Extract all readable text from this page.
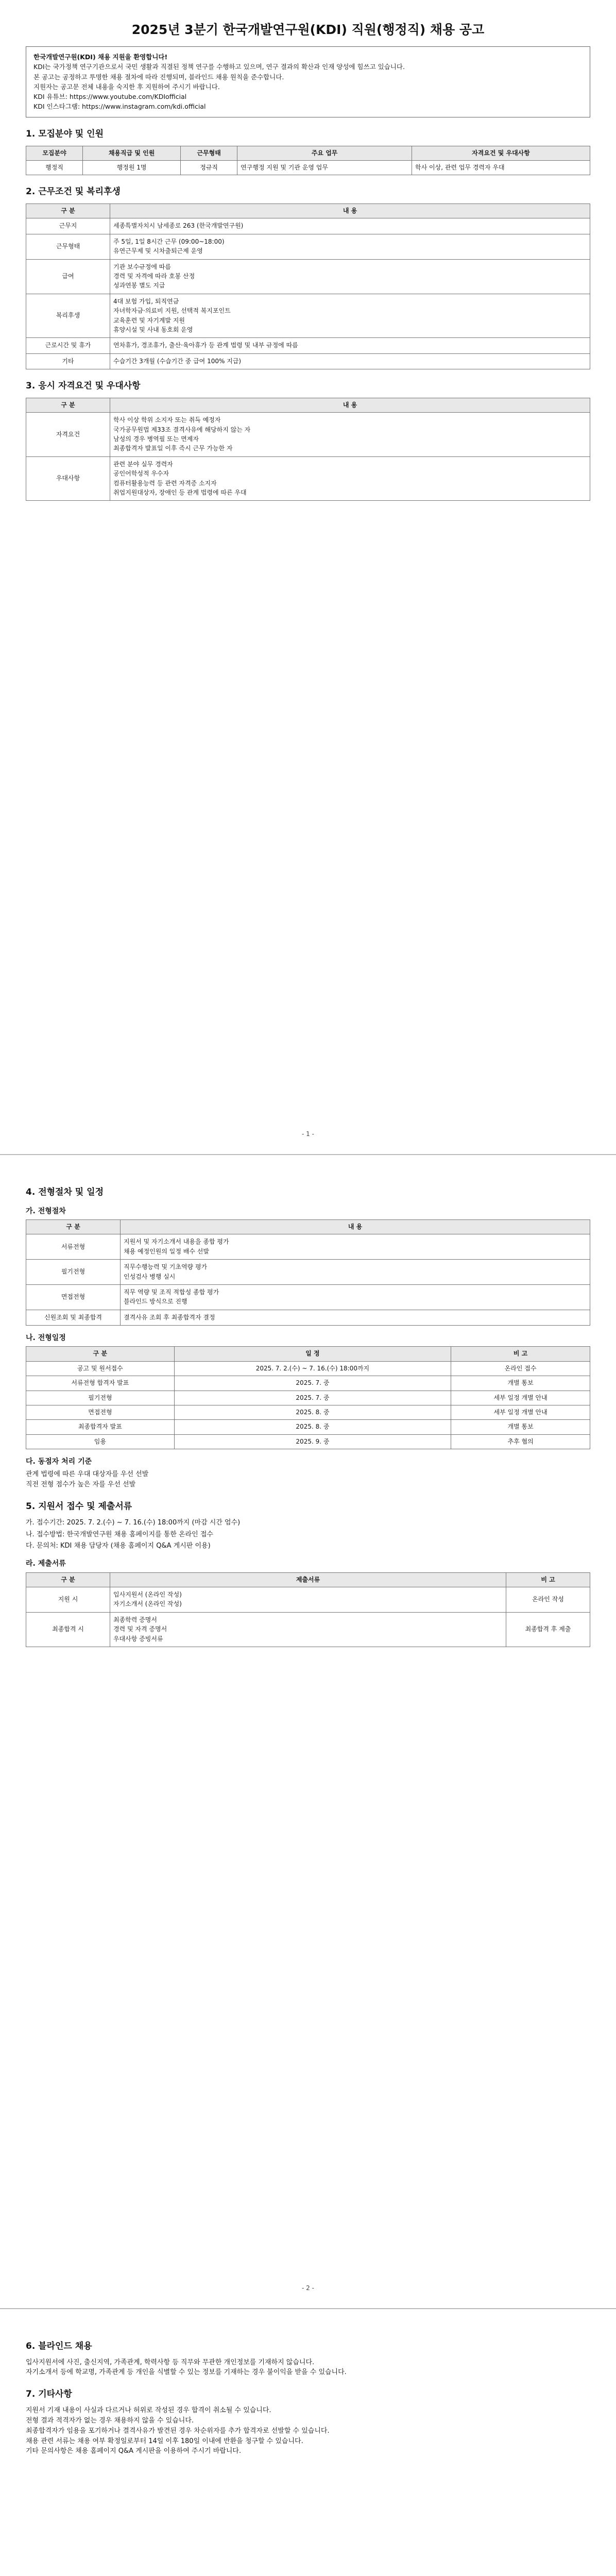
2025년 3분기 한국개발연구원(KDI) 직원(행정직) 채용 공고
한국개발연구원(KDI) 채용 지원을 환영합니다!
KDI는 국가정책 연구기관으로서 국민 생활과 직결된 정책 연구를 수행하고 있으며, 연구 결과의 확산과 인재 양성에 힘쓰고 있습니다.
본 공고는 공정하고 투명한 채용 절차에 따라 진행되며, 블라인드 채용 원칙을 준수합니다.
지원자는 공고문 전체 내용을 숙지한 후 지원하여 주시기 바랍니다.
KDI 유튜브: https://www.youtube.com/KDIofficial
KDI 인스타그램: https://www.instagram.com/kdi.official
1. 모집분야 및 인원
모집분야	채용직급 및 인원	근무형태	주요 업무	자격요건 및 우대사항
행정직	행정원 1명	정규직	연구행정 지원 및 기관 운영 업무	학사 이상, 관련 업무 경력자 우대
2. 근무조건 및 복리후생
구 분	내 용
근무지	세종특별자치시 남세종로 263 (한국개발연구원)

근무형태	주 5일, 1일 8시간 근무 (09:00~18:00)
유연근무제 및 시차출퇴근제 운영

급여	기관 보수규정에 따름
경력 및 자격에 따라 호봉 산정
성과연봉 별도 지급

복리후생	4대 보험 가입, 퇴직연금
자녀학자금·의료비 지원, 선택적 복지포인트
교육훈련 및 자기계발 지원
휴양시설 및 사내 동호회 운영

근로시간 및 휴가	연차휴가, 경조휴가, 출산·육아휴가 등 관계 법령 및 내부 규정에 따름

기타	수습기간 3개월 (수습기간 중 급여 100% 지급)
3. 응시 자격요건 및 우대사항
구 분	내 용
자격요건	학사 이상 학위 소지자 또는 취득 예정자
국가공무원법 제33조 결격사유에 해당하지 않는 자
남성의 경우 병역필 또는 면제자
최종합격자 발표일 이후 즉시 근무 가능한 자

우대사항	관련 분야 실무 경력자
공인어학성적 우수자
컴퓨터활용능력 등 관련 자격증 소지자
취업지원대상자, 장애인 등 관계 법령에 따른 우대
- 1 -
4. 전형절차 및 일정
가. 전형절차
구 분	내 용
서류전형	지원서 및 자기소개서 내용을 종합 평가
채용 예정인원의 일정 배수 선발

필기전형	직무수행능력 및 기초역량 평가
인성검사 병행 실시

면접전형	직무 역량 및 조직 적합성 종합 평가
블라인드 방식으로 진행

신원조회 및 최종합격	결격사유 조회 후 최종합격자 결정
나. 전형일정
구 분	일 정	비 고
공고 및 원서접수	2025. 7. 2.(수) ~ 7. 16.(수) 18:00까지	온라인 접수
서류전형 합격자 발표	2025. 7. 중	개별 통보
필기전형	2025. 7. 중	세부 일정 개별 안내
면접전형	2025. 8. 중	세부 일정 개별 안내
최종합격자 발표	2025. 8. 중	개별 통보
임용	2025. 9. 중	추후 협의
다. 동점자 처리 기준
관계 법령에 따른 우대 대상자를 우선 선발
직전 전형 점수가 높은 자를 우선 선발
5. 지원서 접수 및 제출서류
가. 접수기간: 2025. 7. 2.(수) ~ 7. 16.(수) 18:00까지 (마감 시간 엄수)
나. 접수방법: 한국개발연구원 채용 홈페이지를 통한 온라인 접수
다. 문의처: KDI 채용 담당자 (채용 홈페이지 Q&A 게시판 이용)
라. 제출서류
구 분	제출서류	비 고
지원 시	입사지원서 (온라인 작성)
자기소개서 (온라인 작성)	온라인 작성
최종합격 시	최종학력 증명서
경력 및 자격 증명서
우대사항 증빙서류	최종합격 후 제출
- 2 -
6. 블라인드 채용
입사지원서에 사진, 출신지역, 가족관계, 학력사항 등 직무와 무관한 개인정보를 기재하지 않습니다.
자기소개서 등에 학교명, 가족관계 등 개인을 식별할 수 있는 정보를 기재하는 경우 불이익을 받을 수 있습니다.
7. 기타사항
지원서 기재 내용이 사실과 다르거나 허위로 작성된 경우 합격이 취소될 수 있습니다.
전형 결과 적격자가 없는 경우 채용하지 않을 수 있습니다.
최종합격자가 임용을 포기하거나 결격사유가 발견된 경우 차순위자를 추가 합격자로 선발할 수 있습니다.
채용 관련 서류는 채용 여부 확정일로부터 14일 이후 180일 이내에 반환을 청구할 수 있습니다.
기타 문의사항은 채용 홈페이지 Q&A 게시판을 이용하여 주시기 바랍니다.
